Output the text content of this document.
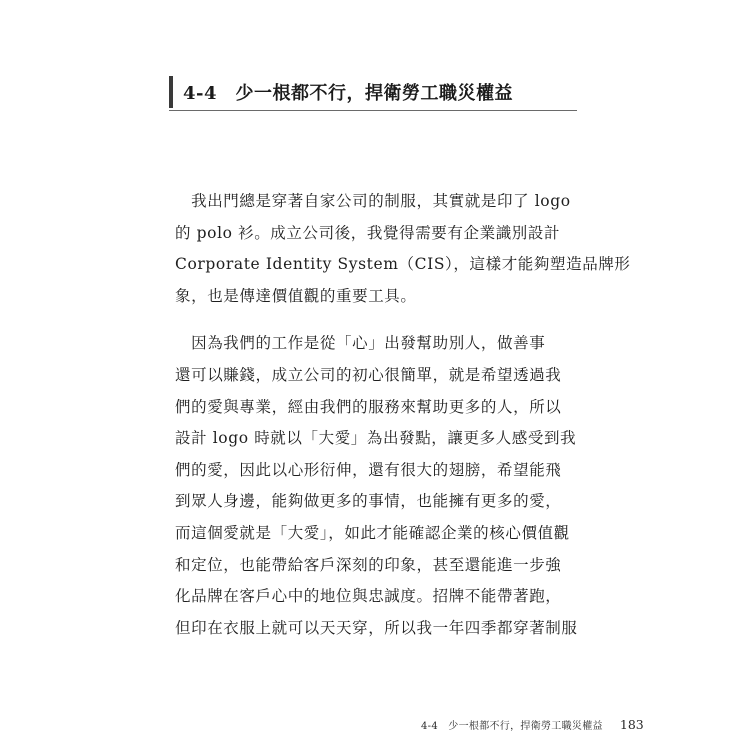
4-4　少一根都不行，捍衛勞工職災權益
　我出門總是穿著自家公司的制服，其實就是印了 logo
的 polo 衫。成立公司後，我覺得需要有企業識別設計
Corporate Identity System（CIS），這樣才能夠塑造品牌形
象，也是傳達價值觀的重要工具。
　因為我們的工作是從「心」出發幫助別人，做善事
還可以賺錢，成立公司的初心很簡單，就是希望透過我
們的愛與專業，經由我們的服務來幫助更多的人，所以
設計 logo 時就以「大愛」為出發點，讓更多人感受到我
們的愛，因此以心形衍伸，還有很大的翅膀，希望能飛
到眾人身邊，能夠做更多的事情，也能擁有更多的愛，
而這個愛就是「大愛」，如此才能確認企業的核心價值觀
和定位，也能帶給客戶深刻的印象，甚至還能進一步強
化品牌在客戶心中的地位與忠誠度。招牌不能帶著跑，
但印在衣服上就可以天天穿，所以我一年四季都穿著制服
4-4　少一根都不行，捍衛勞工職災權益 183
